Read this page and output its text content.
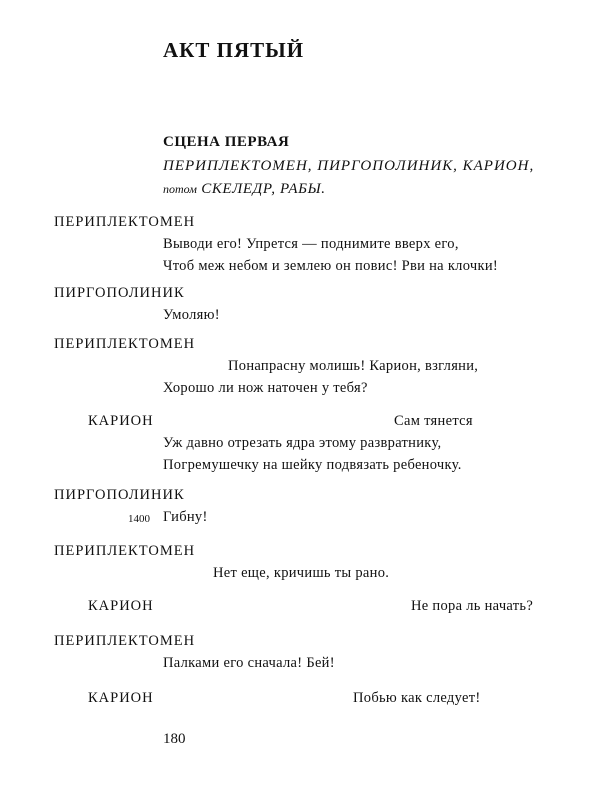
АКТ ПЯТЫЙ
СЦЕНА ПЕРВАЯ
ПЕРИПЛЕКТОМЕН, ПИРГОПОЛИНИК, КАРИОН,
потом СКЕЛЕДР, РАБЫ.
ПЕРИПЛЕКТОМЕН
Выводи его! Упрется — поднимите вверх его,
Чтоб меж небом и землею он повис! Рви на клочки!
ПИРГОПОЛИНИК
Умоляю!
ПЕРИПЛЕКТОМЕН
Понапрасну молишь! Карион, взгляни,
Хорошо ли нож наточен у тебя?
КАРИОН	Сам тянется
Уж давно отрезать ядра этому развратнику,
Погремушечку на шейку подвязать ребеночку.
ПИРГОПОЛИНИК
1400 Гибну!
ПЕРИПЛЕКТОМЕН
Нет еще, кричишь ты рано.
КАРИОН	Не пора ль начать?
ПЕРИПЛЕКТОМЕН
Палками его сначала! Бей!
КАРИОН	Побью как следует!
180
